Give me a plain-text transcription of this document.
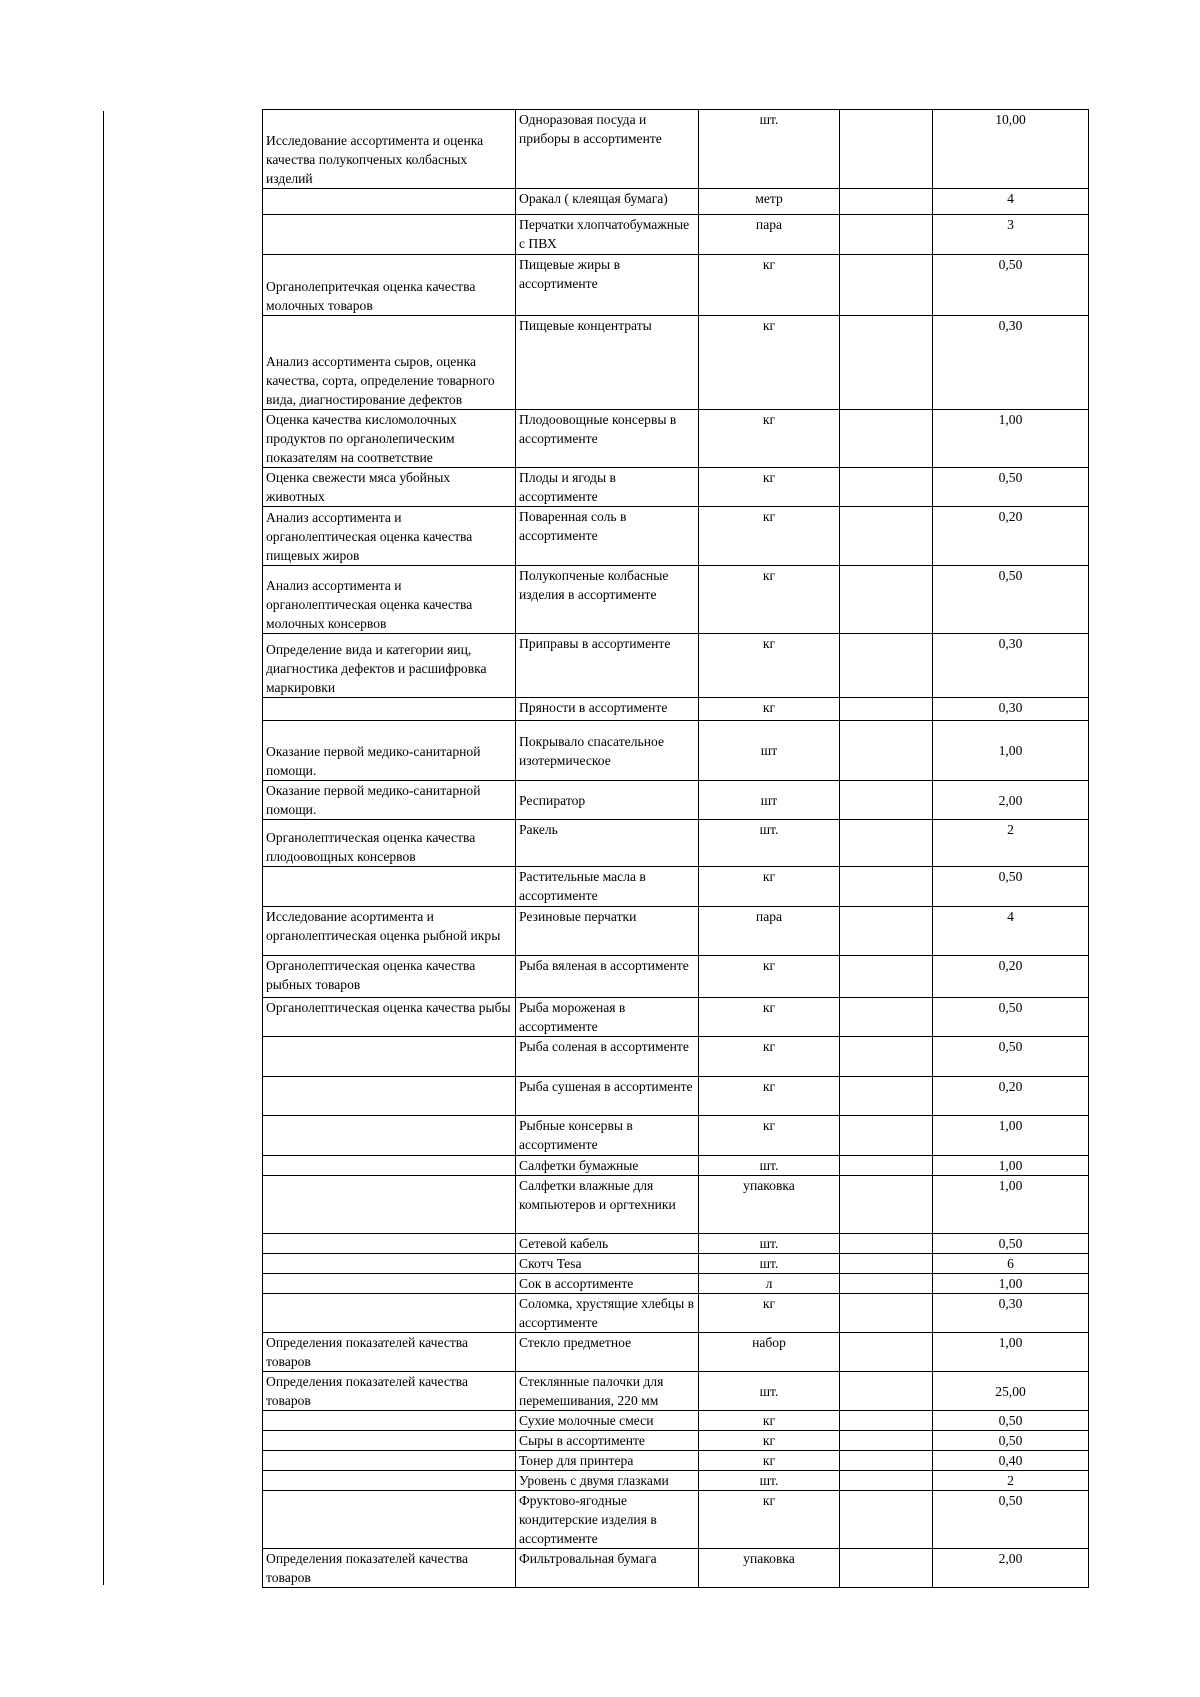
Исследование ассортимента и оценка качества полукопченых колбасных изделий	Одноразовая посуда и приборы в ассортименте	шт.		10,00
	Оракал ( клеящая бумага)	метр		4
	Перчатки хлопчатобумажные с ПВХ	пара		3
Органолепритечкая оценка качества молочных товаров	Пищевые жиры в ассортименте	кг		0,50
Анализ ассортимента сыров, оценка качества, сорта, определение товарного вида, диагностирование дефектов	Пищевые концентраты	кг		0,30
Оценка качества кисломолочных продуктов по органолепическим показателям на соответствие	Плодоовощные консервы в ассортименте	кг		1,00
Оценка свежести мяса убойных животных	Плоды и ягоды в ассортименте	кг		0,50
Анализ ассортимента и органолептическая оценка качества пищевых жиров	Поваренная соль в ассортименте	кг		0,20
Анализ ассортимента и органолептическая оценка качества молочных консервов	Полукопченые колбасные изделия в ассортименте	кг		0,50
Определение вида и категории яиц, диагностика дефектов и расшифровка маркировки	Приправы в ассортименте	кг		0,30
	Пряности в ассортименте	кг		0,30
Оказание первой медико-санитарной помощи.	Покрывало спасательное изотермическое	шт		1,00
Оказание первой медико-санитарной помощи.	Респиратор	шт		2,00
Органолептическая оценка качества плодоовощных консервов	Ракель	шт.		2
	Растительные масла в ассортименте	кг		0,50
Исследование асортимента и органолептическая оценка рыбной икры	Резиновые перчатки	пара		4
Органолептическая оценка качества рыбных товаров	Рыба вяленая в ассортименте	кг		0,20
Органолептическая оценка качества рыбы	Рыба мороженая в ассортименте	кг		0,50
	Рыба соленая в ассортименте	кг		0,50
	Рыба сушеная в ассортименте	кг		0,20
	Рыбные консервы в ассортименте	кг		1,00
	Салфетки бумажные	шт.		1,00
	Салфетки влажные для компьютеров и оргтехники	упаковка		1,00
	Сетевой кабель	шт.		0,50
	Скотч Tesa	шт.		6
	Сок в ассортименте	л		1,00
	Соломка, хрустящие хлебцы в ассортименте	кг		0,30
Определения показателей качества товаров	Стекло предметное	набор		1,00
Определения показателей качества товаров	Стеклянные палочки для перемешивания, 220 мм	шт.		25,00
	Сухие молочные смеси	кг		0,50
	Сыры в ассортименте	кг		0,50
	Тонер для принтера	кг		0,40
	Уровень с двумя глазками	шт.		2
	Фруктово-ягодные кондитерские изделия в ассортименте	кг		0,50
Определения показателей качества товаров	Фильтровальная бумага	упаковка		2,00
